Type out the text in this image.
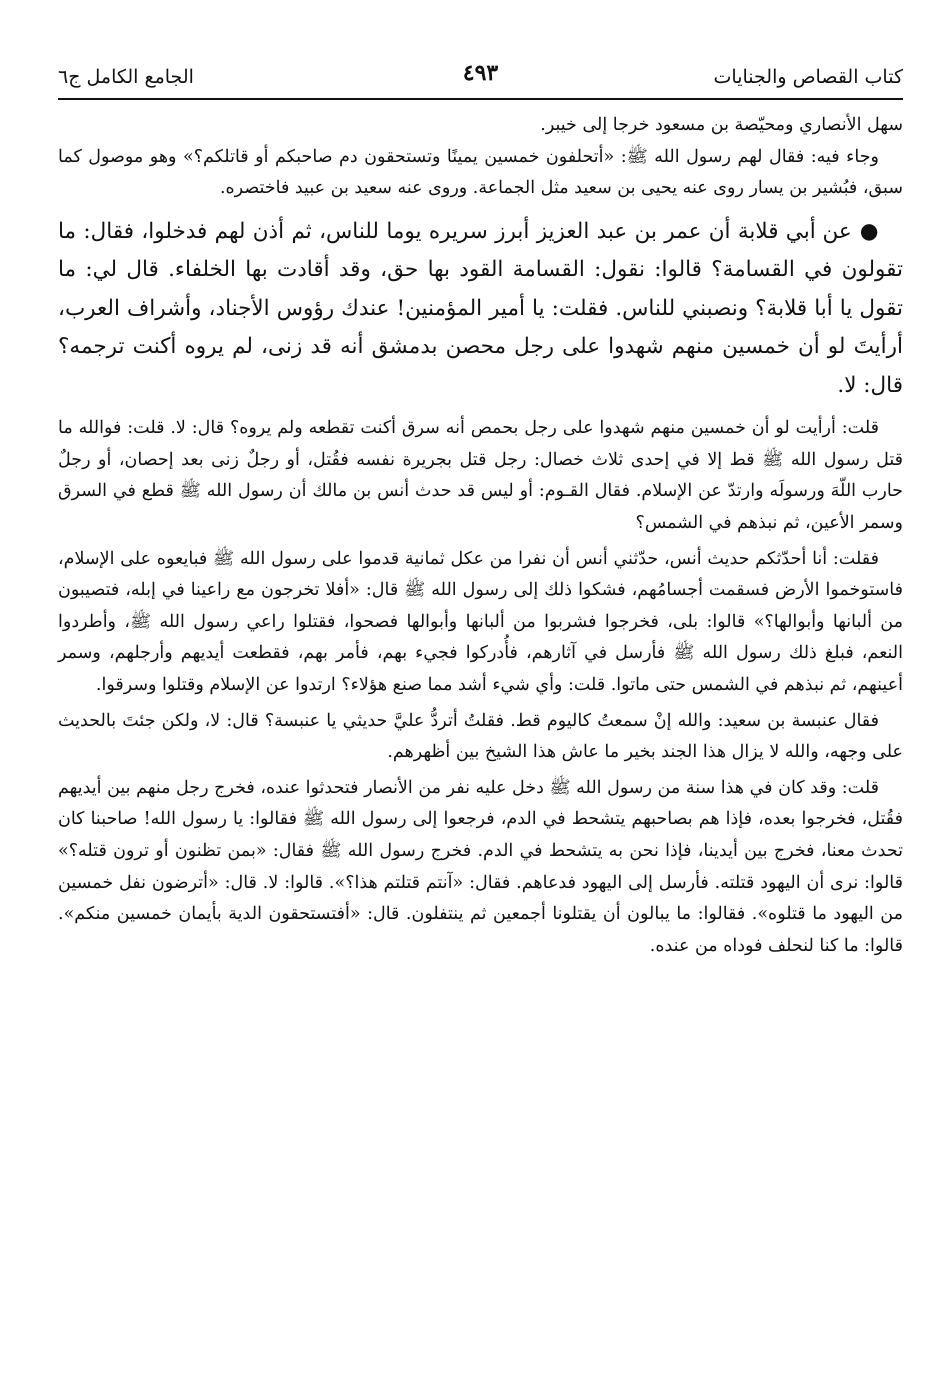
كتاب القصاص والجنايات
٤٩٣
الجامع الكامل ج٦

سهل الأنصاري ومحيّصة بن مسعود خرجا إلى خيبر.

وجاء فيه: فقال لهم رسول الله ﷺ: «أتحلفون خمسين يمينًا وتستحقون دم صاحبكم أو قاتلكم؟» وهو موصول كما سبق، فبُشير بن يسار روى عنه يحيى بن سعيد مثل الجماعة. وروى عنه سعيد بن عبيد فاختصره.

● عن أبي قلابة أن عمر بن عبد العزيز أبرز سريره يوما للناس، ثم أذن لهم فدخلوا، فقال: ما تقولون في القسامة؟ قالوا: نقول: القسامة القود بها حق، وقد أقادت بها الخلفاء. قال لي: ما تقول يا أبا قلابة؟ ونصبني للناس. فقلت: يا أمير المؤمنين! عندك رؤوس الأجناد، وأشراف العرب، أرأيتَ لو أن خمسين منهم شهدوا على رجل محصن بدمشق أنه قد زنى، لم يروه أكنت ترجمه؟ قال: لا.

قلت: أرأيت لو أن خمسين منهم شهدوا على رجل بحمص أنه سرق أكنت تقطعه ولم يروه؟ قال: لا. قلت: فوالله ما قتل رسول الله ﷺ قط إلا في إحدى ثلاث خصال: رجل قتل بجريرة نفسه فقُتل، أو رجلٌ زنى بعد إحصان، أو رجلٌ حارب اللّهَ ورسولَه وارتدّ عن الإسلام. فقال القـوم: أو ليس قد حدث أنس بن مالك أن رسول الله ﷺ قطع في السرق وسمر الأعين، ثم نبذهم في الشمس؟

فقلت: أنا أحدّثكم حديث أنس، حدّثني أنس أن نفرا من عكل ثمانية قدموا على رسول الله ﷺ فبايعوه على الإسلام، فاستوخموا الأرض فسقمت أجسامُهم، فشكوا ذلك إلى رسول الله ﷺ قال: «أفلا تخرجون مع راعينا في إبله، فتصيبون من ألبانها وأبوالها؟» قالوا: بلى، فخرجوا فشربوا من ألبانها وأبوالها فصحوا، فقتلوا راعي رسول الله ﷺ، وأطردوا النعم، فبلغ ذلك رسول الله ﷺ فأرسل في آثارهم، فأُدركوا فجيء بهم، فأمر بهم، فقطعت أيديهم وأرجلهم، وسمر أعينهم، ثم نبذهم في الشمس حتى ماتوا. قلت: وأي شيء أشد مما صنع هؤلاء؟ ارتدوا عن الإسلام وقتلوا وسرقوا.

فقال عنبسة بن سعيد: والله إنْ سمعتُ كاليوم قط. فقلتُ أتردُّ عليَّ حديثي يا عنبسة؟ قال: لا، ولكن جئتَ بالحديث على وجهه، والله لا يزال هذا الجند بخير ما عاش هذا الشيخ بين أظهرهم.

قلت: وقد كان في هذا سنة من رسول الله ﷺ دخل عليه نفر من الأنصار فتحدثوا عنده، فخرج رجل منهم بين أيديهم فقُتل، فخرجوا بعده، فإذا هم بصاحبهم يتشحط في الدم، فرجعوا إلى رسول الله ﷺ فقالوا: يا رسول الله! صاحبنا كان تحدث معنا، فخرج بين أيدينا، فإذا نحن به يتشحط في الدم. فخرج رسول الله ﷺ فقال: «بمن تظنون أو ترون قتله؟» قالوا: نرى أن اليهود قتلته. فأرسل إلى اليهود فدعاهم. فقال: «آنتم قتلتم هذا؟». قالوا: لا. قال: «أترضون نفل خمسين من اليهود ما قتلوه». فقالوا: ما يبالون أن يقتلونا أجمعين ثم ينتفلون. قال: «أفتستحقون الدية بأيمان خمسين منكم». قالوا: ما كنا لنحلف فوداه من عنده.
